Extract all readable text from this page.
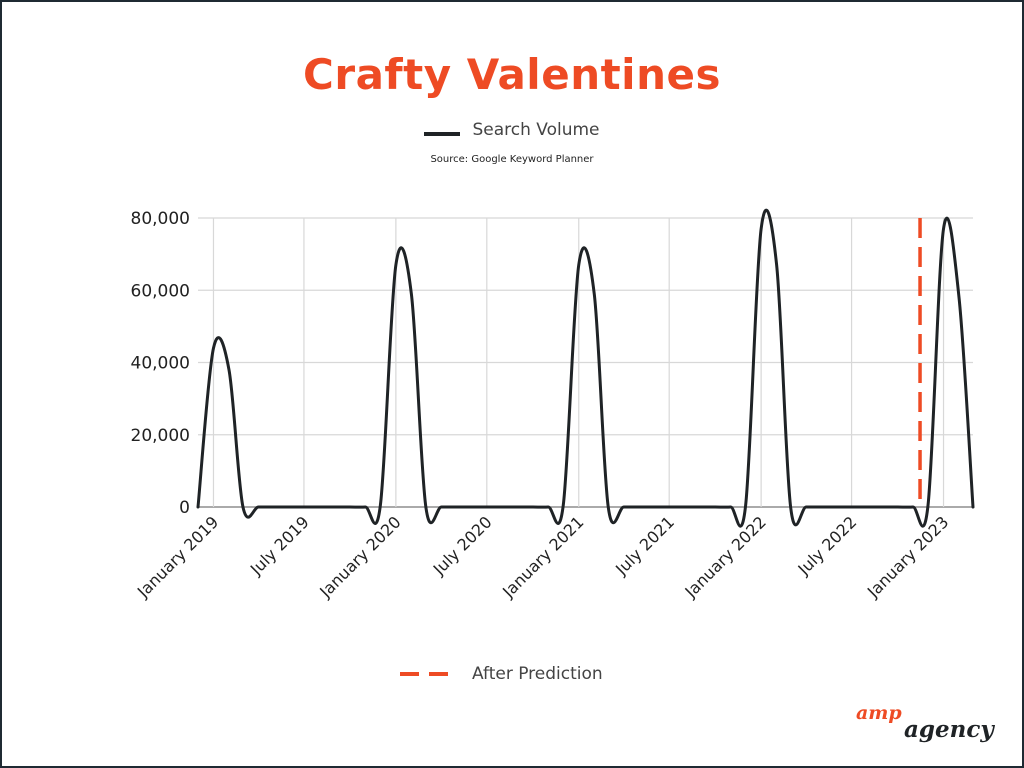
Crafty Valentines
Search Volume
Source: Google Keyword Planner
0
20,000
40,000
60,000
80,000
January 2019 July 2019 January 2020 July 2020 January 2021 July 2021 January 2022 July 2022 January 2023
After Prediction
amp
agency
